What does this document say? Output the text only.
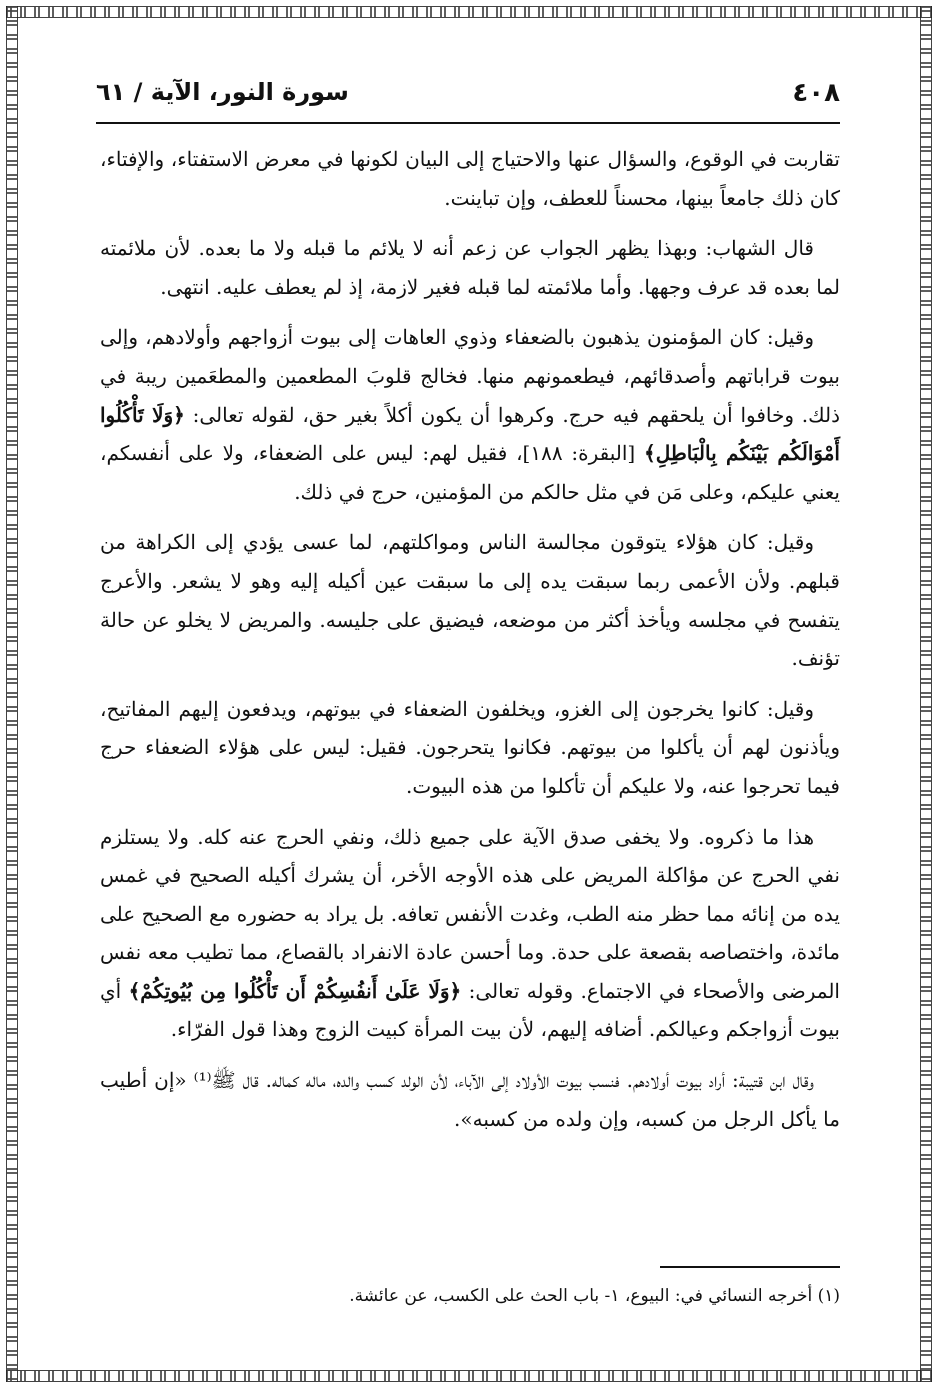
٤٠٨
سورة النور، الآية / ٦١

تقاربت في الوقوع، والسؤال عنها والاحتياج إلى البيان لكونها في معرض الاستفتاء، والإفتاء، كان ذلك جامعاً بينها، محسناً للعطف، وإن تباينت.

قال الشهاب: وبهذا يظهر الجواب عن زعم أنه لا يلائم ما قبله ولا ما بعده. لأن ملائمته لما بعده قد عرف وجهها. وأما ملائمته لما قبله فغير لازمة، إذ لم يعطف عليه. انتهى.

وقيل: كان المؤمنون يذهبون بالضعفاء وذوي العاهات إلى بيوت أزواجهم وأولادهم، وإلى بيوت قراباتهم وأصدقائهم، فيطعمونهم منها. فخالج قلوبَ المطعمين والمطعَمين ريبة في ذلك. وخافوا أن يلحقهم فيه حرج. وكرهوا أن يكون أكلاً بغير حق، لقوله تعالى: ﴿وَلَا تَأْكُلُوا أَمْوَالَكُم بَيْنَكُم بِالْبَاطِلِ﴾ [البقرة: ١٨٨]، فقيل لهم: ليس على الضعفاء، ولا على أنفسكم، يعني عليكم، وعلى مَن في مثل حالكم من المؤمنين، حرج في ذلك.

وقيل: كان هؤلاء يتوقون مجالسة الناس ومواكلتهم، لما عسى يؤدي إلى الكراهة من قبلهم. ولأن الأعمى ربما سبقت يده إلى ما سبقت عين أكيله إليه وهو لا يشعر. والأعرج يتفسح في مجلسه ويأخذ أكثر من موضعه، فيضيق على جليسه. والمريض لا يخلو عن حالة تؤنف.

وقيل: كانوا يخرجون إلى الغزو، ويخلفون الضعفاء في بيوتهم، ويدفعون إليهم المفاتيح، ويأذنون لهم أن يأكلوا من بيوتهم. فكانوا يتحرجون. فقيل: ليس على هؤلاء الضعفاء حرج فيما تحرجوا عنه، ولا عليكم أن تأكلوا من هذه البيوت.

هذا ما ذكروه. ولا يخفى صدق الآية على جميع ذلك، ونفي الحرج عنه كله. ولا يستلزم نفي الحرج عن مؤاكلة المريض على هذه الأوجه الأخر، أن يشرك أكيله الصحيح في غمس يده من إنائه مما حظر منه الطب، وغدت الأنفس تعافه. بل يراد به حضوره مع الصحيح على مائدة، واختصاصه بقصعة على حدة. وما أحسن عادة الانفراد بالقصاع، مما تطيب معه نفس المرضى والأصحاء في الاجتماع. وقوله تعالى: ﴿وَلَا عَلَىٰ أَنفُسِكُمْ أَن تَأْكُلُوا مِن بُيُوتِكُمْ﴾ أي بيوت أزواجكم وعيالكم. أضافه إليهم، لأن بيت المرأة كبيت الزوج وهذا قول الفرّاء.

وقال ابن قتيبة: أراد بيوت أولادهم. فنسب بيوت الأولاد إلى الآباء، لأن الولد كسب والده، ماله كماله. قال ﷺ⁽¹⁾ «إن أطيب ما يأكل الرجل من كسبه، وإن ولده من كسبه».

(١) أخرجه النسائي في: البيوع، ١- باب الحث على الكسب، عن عائشة.
